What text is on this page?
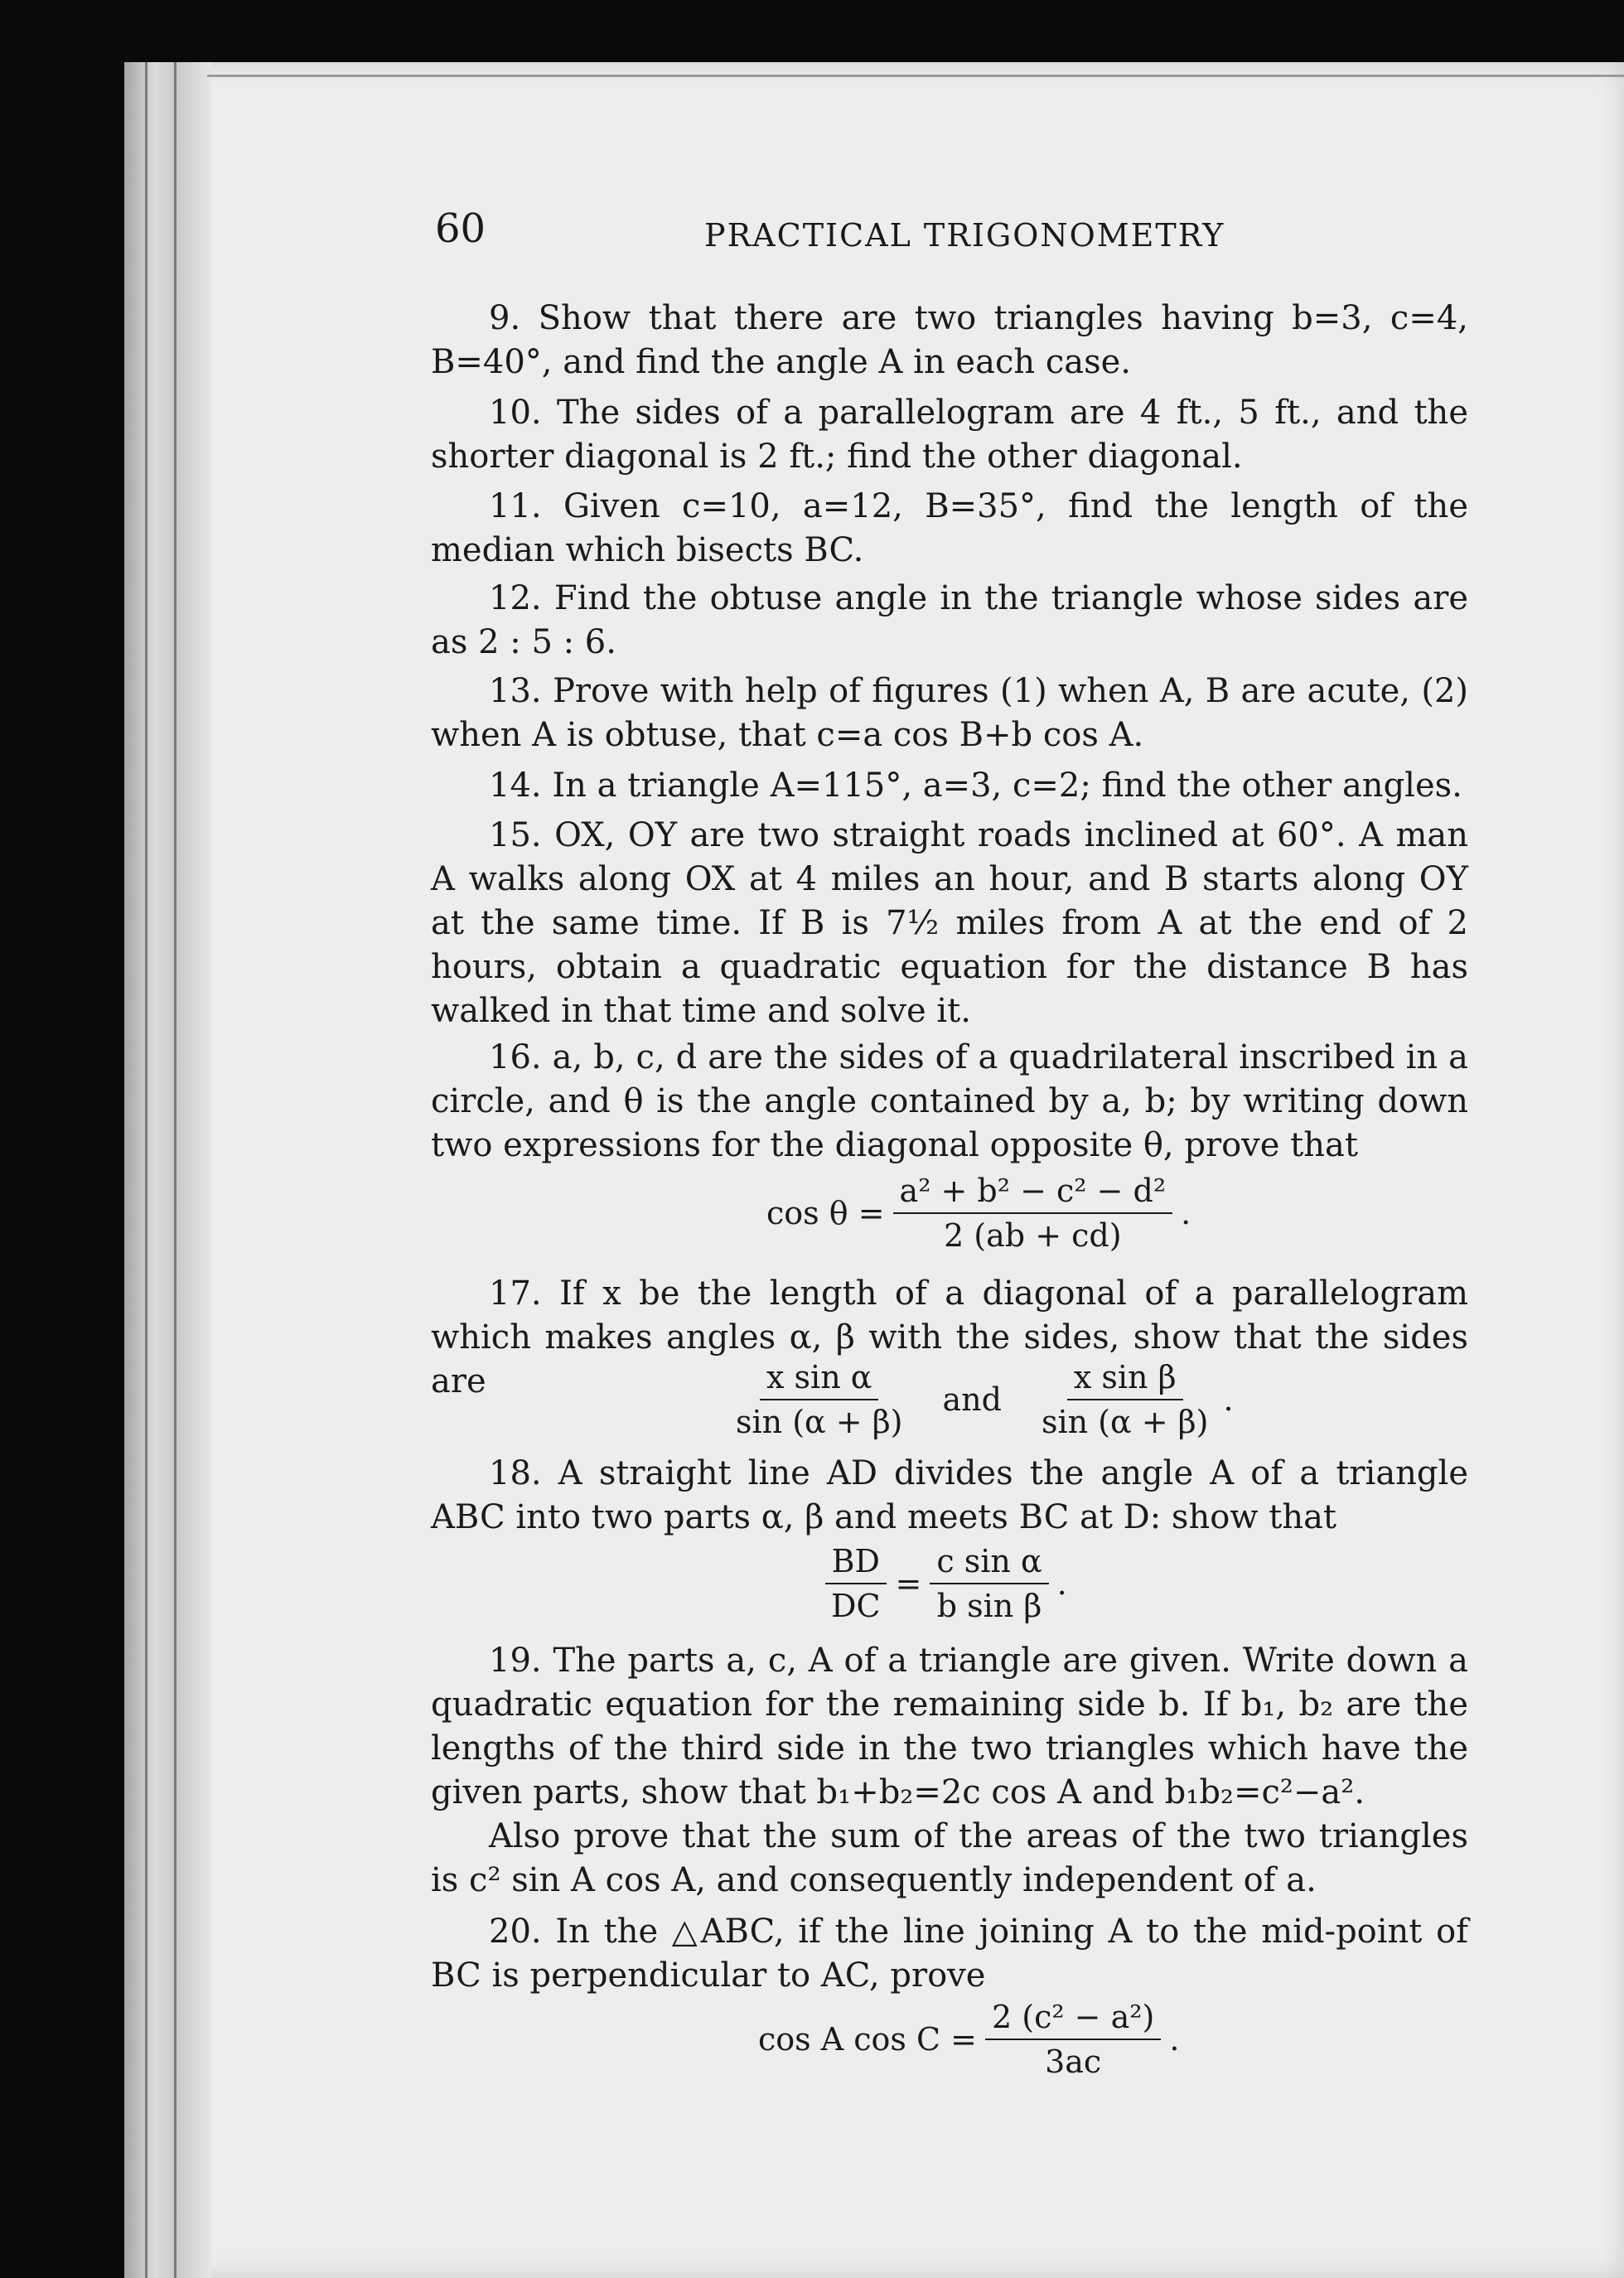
60	PRACTICAL TRIGONOMETRY
9. Show that there are two triangles having b=3, c=4, B=40°, and find the angle A in each case.
10. The sides of a parallelogram are 4 ft., 5 ft., and the shorter diagonal is 2 ft.; find the other diagonal.
11. Given c=10, a=12, B=35°, find the length of the median which bisects BC.
12. Find the obtuse angle in the triangle whose sides are as 2 : 5 : 6.
13. Prove with help of figures (1) when A, B are acute, (2) when A is obtuse, that c=a cos B+b cos A.
14. In a triangle A=115°, a=3, c=2; find the other angles.
15. OX, OY are two straight roads inclined at 60°. A man A walks along OX at 4 miles an hour, and B starts along OY at the same time. If B is 7½ miles from A at the end of 2 hours, obtain a quadratic equation for the distance B has walked in that time and solve it.
16. a, b, c, d are the sides of a quadrilateral inscribed in a circle, and θ is the angle contained by a, b; by writing down two expressions for the diagonal opposite θ, prove that
$\cos \theta = \frac{\text{a² + b² − c² − d²}}{2 (ab + cd)}$ .
17. If x be the length of a diagonal of a parallelogram which makes angles α, β with the sides, show that the sides are	$\frac{\text{x sin α}}{\sin (\alpha + \beta)}$ and $\frac{\text{x sin β}}{\sin (\alpha + \beta)}$ .
18. A straight line AD divides the angle A of a triangle ABC into two parts α, β and meets BC at D: show that
$\frac{BD}{DC} = \frac{\text{c sin α}}{\text{b sin β}}$ .
19. The parts a, c, A of a triangle are given. Write down a quadratic equation for the remaining side b. If b₁, b₂ are the lengths of the third side in the two triangles which have the given parts, show that b₁+b₂=2c cos A and b₁b₂=c²−a².
Also prove that the sum of the areas of the two triangles is c² sin A cos A, and consequently independent of a.
20. In the △ABC, if the line joining A to the mid-point of BC is perpendicular to AC, prove
cos A $\cos C = \frac{\text{2 (c² − a²)}}{3ac}$ .
